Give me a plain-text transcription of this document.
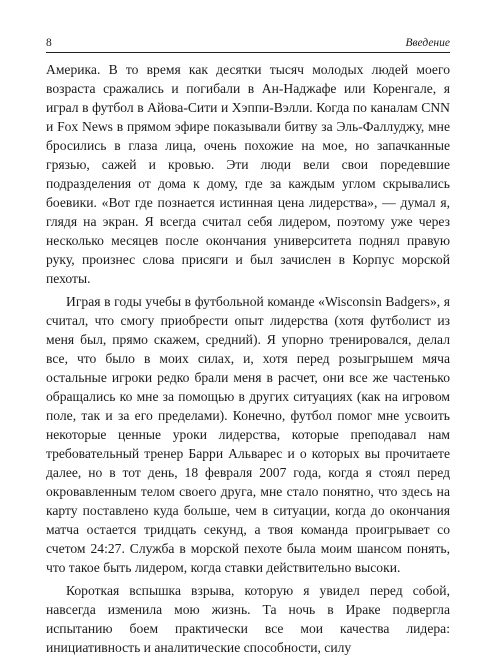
8	Введение

Америка. В то время как десятки тысяч молодых людей моего возраста сражались и погибали в Ан-Наджафе или Коренгале, я играл в футбол в Айова-Сити и Хэппи-Вэлли. Когда по каналам CNN и Fox News в прямом эфире показывали битву за Эль-Фаллуджу, мне бросились в глаза лица, очень похожие на мое, но запачканные грязью, сажей и кровью. Эти люди вели свои поредевшие подразделения от дома к дому, где за каждым углом скрывались боевики. «Вот где познается истинная цена лидерства», — думал я, глядя на экран. Я всегда считал себя лидером, поэтому уже через несколько месяцев после окончания университета поднял правую руку, произнес слова присяги и был зачислен в Корпус морской пехоты.

Играя в годы учебы в футбольной команде «Wisconsin Badgers», я считал, что смогу приобрести опыт лидерства (хотя футболист из меня был, прямо скажем, средний). Я упорно тренировался, делал все, что было в моих силах, и, хотя перед розыгрышем мяча остальные игроки редко брали меня в расчет, они все же частенько обращались ко мне за помощью в других ситуациях (как на игровом поле, так и за его пределами). Конечно, футбол помог мне усвоить некоторые ценные уроки лидерства, которые преподавал нам требовательный тренер Барри Альварес и о которых вы прочитаете далее, но в тот день, 18 февраля 2007 года, когда я стоял перед окровавленным телом своего друга, мне стало понятно, что здесь на карту поставлено куда больше, чем в ситуации, когда до окончания матча остается тридцать секунд, а твоя команда проигрывает со счетом 24:27. Служба в морской пехоте была моим шансом понять, что такое быть лидером, когда ставки действительно высоки.

Короткая вспышка взрыва, которую я увидел перед собой, навсегда изменила мою жизнь. Та ночь в Ираке подвергла испытанию боем практически все мои качества лидера: инициативность и аналитические способности, силу
